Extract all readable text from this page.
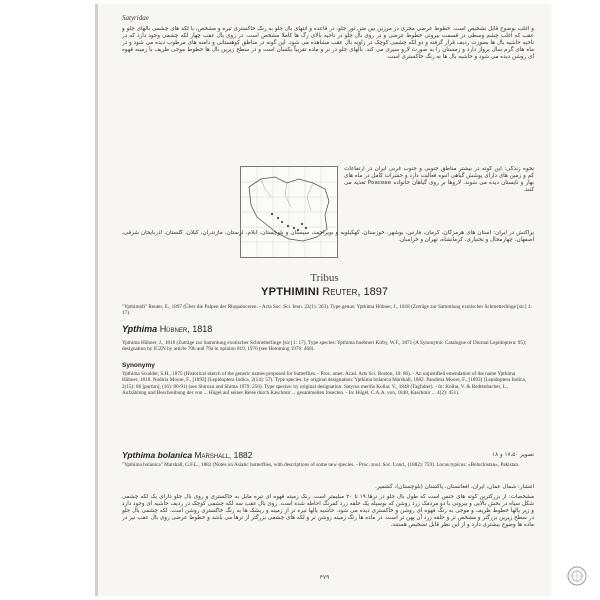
Satyridae
و اغلب بوضوح قابل تشخیص است. خطوط عرضی مجزی در مرزین بین متن ثور جلو، در قاعده و انتهای بال جلو به رنگ خاکستری تیره و مشخص، با لکه های چشمی بالهای جلو و عقب که اغلب چشم وسطی در قسمت بیرونی خطوط عرضی و در روی بال جلو در ناحیه بالای رگ ها کاملا مشخص است. در روی بال عقب چهار لکه چشمی وجود دارد که در ناحیه حاشیه بال ها بصورت ردیف قرار گرفته و دو لکه چشمی کوچک در زاویه بال عقب مشاهده می شود. این گونه در مناطق کوهستانی و دامنه های مرطوب دیده می شود و در ماه های گرم سال پرواز دارد و زمستان را به صورت لارو سپری می کند. بالهای جلو در نر و ماده تقریباً یکسان است و در سطح زیرین بال ها خطوط موجی ظریف با زمینه قهوه ای روشن دیده می شود و حاشیه بال ها به رنگ خاکستری است.
نحوه زندگی: این گونه در بیشتر مناطق جنوبی و جنوب غربی ایران در ارتفاعات کم و زمین های دارای پوشش گیاهی انبوه فعالیت دارد و حشرات کامل در ماه های بهار و تابستان دیده می شوند. لاروها بر روی گیاهان خانواده Poaceae تغذیه می کنند.
پراکنش در ایران: استان های هرمزگان، کرمان، فارس، بوشهر، خوزستان، کهگیلویه و بویراحمد، سیستان و بلوچستان، ایلام، لرستان، مازندران، گیلان، گلستان، آذربایجان شرقی، اصفهان، چهارمحال و بختیاری، کرمانشاه، تهران و خراسان.
Tribus
YPTHIMINI Reuter, 1897
"Ypthimidi" Reuter, E., 1897 (Über die Palpen der Rhopaloceren. - Acta Soc. Sci. fenn. 22(1): 363). Type genus: Ypthima Hübner, J., 1818 (Zuträge zur Sammlung exotischer Schmetterlinge [sic] 1: 17).
Ypthima Hübner, 1818
Ypthima Hübner, J., 1818 (Zuträge zur Sammlung exotischer Schmetterlinge [sic] 1: 17). Type species: Ypthima huebneri Kirby, W.F., 1871 (A Synonymic Catalogue of Diurnal Lepidoptera: 95); designation by ICZN by article 70b and 79a in opinion 819, 1976 (see Hemming 1976: 460).
Synonymy
Ypthima Scudder, S.H., 1875 (Historical sketch of the generic names proposed for butterflies. - Proc. amer. Acad. Arts Sci. Boston, 10: 86). - An unjustified emendation of the name Ypthima Hübner, 1818. Nadiria Moore, F., [1893] (Lepidoptera Indica, 2(14): 57). Type species: by original designation: Ypthima bolanica Marshall, 1882. Pandima Moore, F., [1893] (Lepidoptera Indica, 2(15): 86 [partim], (16): 80-91) (see Shirozu and Shima 1979: 256). Type species: by original designation: Satyrus merdis Kollar, V., 1848 (Tagfalter). - In: Kollar, V. & Redtenbacher, L., Aufzählung und Beschreibung der von ... Hügel auf seiner Reise durch Kaschmir ... gesammelten Insecten. - In: Hügel, C.A.A. von, 1848, Kaschmir ... 4(2): 451).
Ypthima bolanica Marshall, 1882	تصویر ۱۷،۵۰ و ۱۸
"Ypthima bolanica" Marshall, G.F.L., 1882 (Notes on Asiatic butterflies, with descriptions of some new species. - Proc. zool. Soc. Lond., (1882): 759). Locus typicus: »Beluchistan«, Pakistan.
انتشار: شمال عمان، ایران، افغانستان، پاکستان (بلوچستان)، کشمیر.
مشخصات: از بزرگترین گونه های جنس است که طول بال جلو در نرها ۱۹ تا ۲۰ میلیمتر است. رنگ زمینه قهوه ای تیره مایل به خاکستری و روی بال جلو دارای یک لکه چشمی شکل سیاه در بخش بالایی و بیرونی با دو مردمک زرد روشن که بوسیله یک حلقه زرد کمرنگ احاطه شده است. روی بال عقب سه لکه چشمی کوچک در ردیف حاشیه ای وجود دارد و زیر بالها خطوط ظریف و موجی به رنگ قهوه ای روشن و خاکستری دیده می شود. حاشیه بالها تیره تر از زمینه و ریشک ها به رنگ خاکستری روشن است. لکه چشمی بال جلو در سطح زیرین بزرگتر و مشخص تر و حلقه زرد آن پهن تر است. در ماده ها رنگ زمینه روشن تر و لکه های چشمی بزرگتر از نرها می باشد و خطوط عرضی روی بال عقب نیز در ماده ها وضوح بیشتری دارد و از این نظر قابل تشخیص هستند.
۴۷۹
